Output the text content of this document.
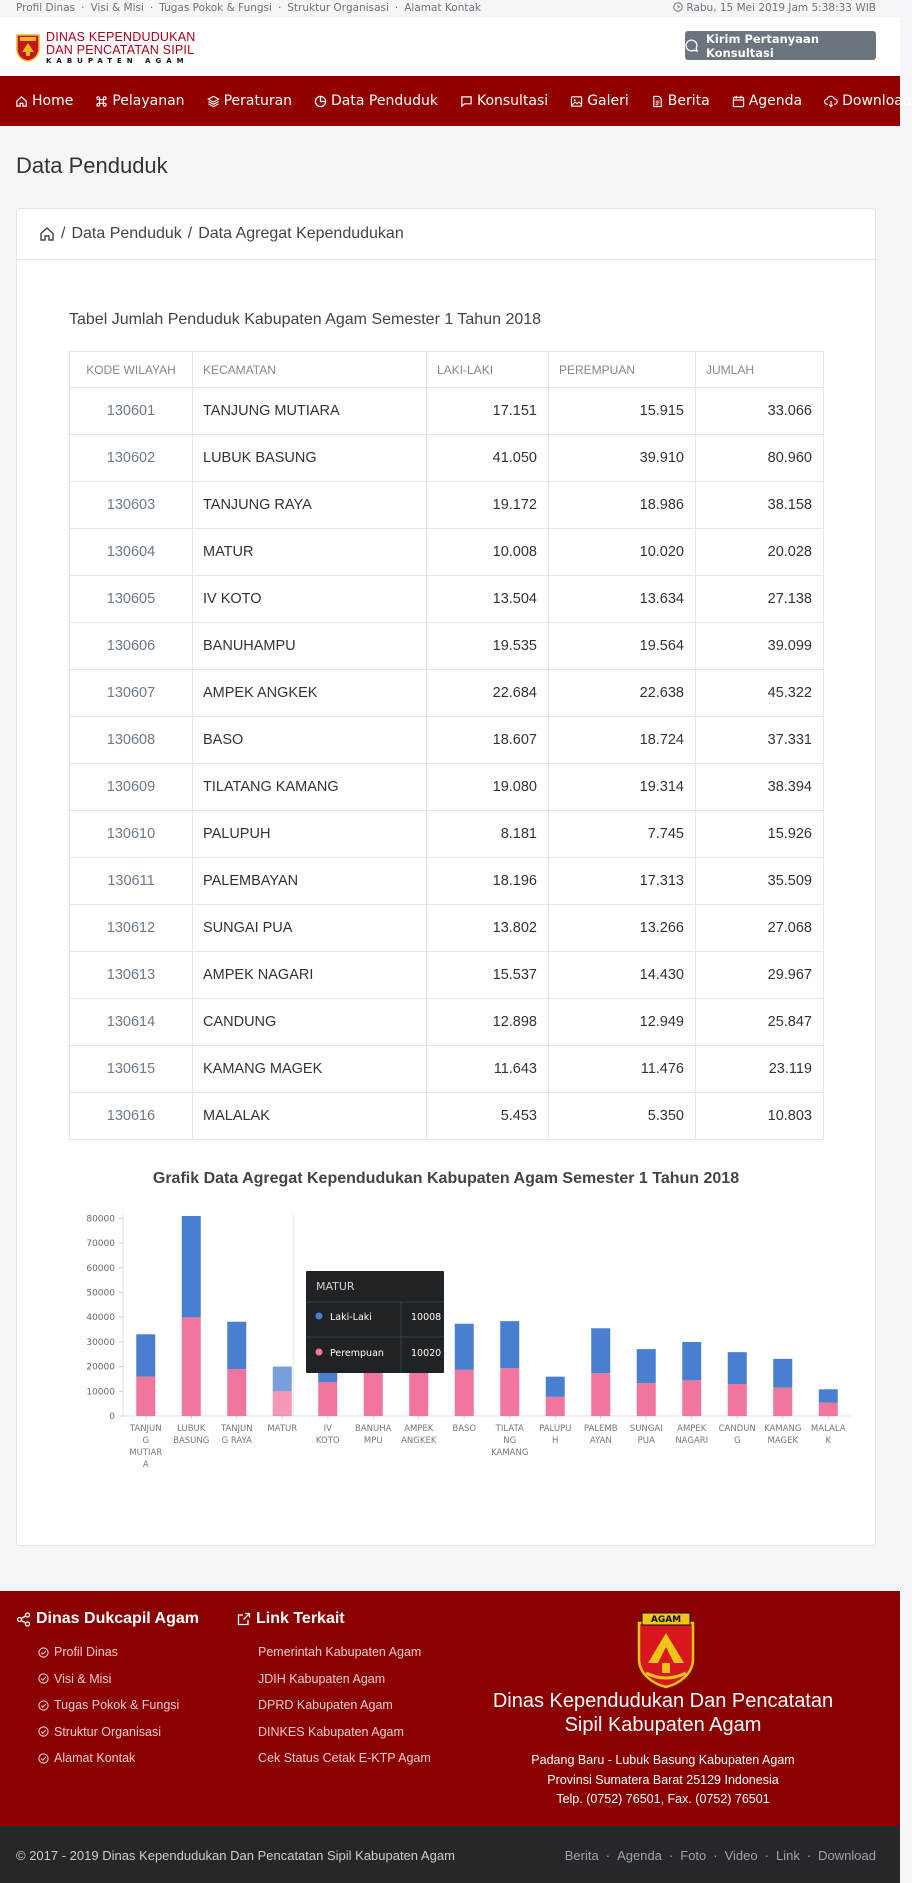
Profil Dinas · Visi & Misi · Tugas Pokok & Fungsi · Struktur Organisasi · Alamat Kontak	Rabu, 15 Mei 2019 Jam 5:38:33 WIB
DINAS KEPENDUDUKAN
DAN PENCATATAN SIPIL
KABUPATEN AGAM
Kirim Pertanyaan Konsultasi
Home	Pelayanan	Peraturan	Data Penduduk	Konsultasi	Galeri	Berita	Agenda	Download
Data Penduduk
/ Data Penduduk / Data Agregat Kependudukan
Tabel Jumlah Penduduk Kabupaten Agam Semester 1 Tahun 2018
KODE WILAYAH	KECAMATAN	LAKI-LAKI	PEREMPUAN	JUMLAH
130601	TANJUNG MUTIARA	17.151	15.915	33.066
130602	LUBUK BASUNG	41.050	39.910	80.960
130603	TANJUNG RAYA	19.172	18.986	38.158
130604	MATUR	10.008	10.020	20.028
130605	IV KOTO	13.504	13.634	27.138
130606	BANUHAMPU	19.535	19.564	39.099
130607	AMPEK ANGKEK	22.684	22.638	45.322
130608	BASO	18.607	18.724	37.331
130609	TILATANG KAMANG	19.080	19.314	38.394
130610	PALUPUH	8.181	7.745	15.926
130611	PALEMBAYAN	18.196	17.313	35.509
130612	SUNGAI PUA	13.802	13.266	27.068
130613	AMPEK NAGARI	15.537	14.430	29.967
130614	CANDUNG	12.898	12.949	25.847
130615	KAMANG MAGEK	11.643	11.476	23.119
130616	MALALAK	5.453	5.350	10.803
Grafik Data Agregat Kependudukan Kabupaten Agam Semester 1 Tahun 2018
0
10000
20000
30000
40000
50000
60000
70000
80000
TANJUN
G
MUTIAR
A
LUBUK
BASUNG
TANJUN
G RAYA
MATUR	IV
KOTO
BANUHA
MPU
AMPEK
ANGKEK
BASO TILATA
NG
KAMANG
PALUPU
H
PALEMB
AYAN
SUNGAI
PUA
AMPEK
NAGARI
CANDUN
G
KAMANG
MAGEK
MALALA
K
MATUR
Laki-Laki	10008
Perempuan	10020
Dinas Dukcapil Agam
Profil Dinas
Visi & Misi
Tugas Pokok & Fungsi
Struktur Organisasi
Alamat Kontak
Link Terkait
Pemerintah Kabupaten Agam
JDIH Kabupaten Agam
DPRD Kabupaten Agam
DINKES Kabupaten Agam
Cek Status Cetak E-KTP Agam
AGAM
Dinas Kependudukan Dan Pencatatan
Sipil Kabupaten Agam
Padang Baru - Lubuk Basung Kabupaten Agam
Provinsi Sumatera Barat 25129 Indonesia
Telp. (0752) 76501, Fax. (0752) 76501
© 2017 - 2019 Dinas Kependudukan Dan Pencatatan Sipil Kabupaten Agam	Berita · Agenda · Foto · Video · Link · Download
